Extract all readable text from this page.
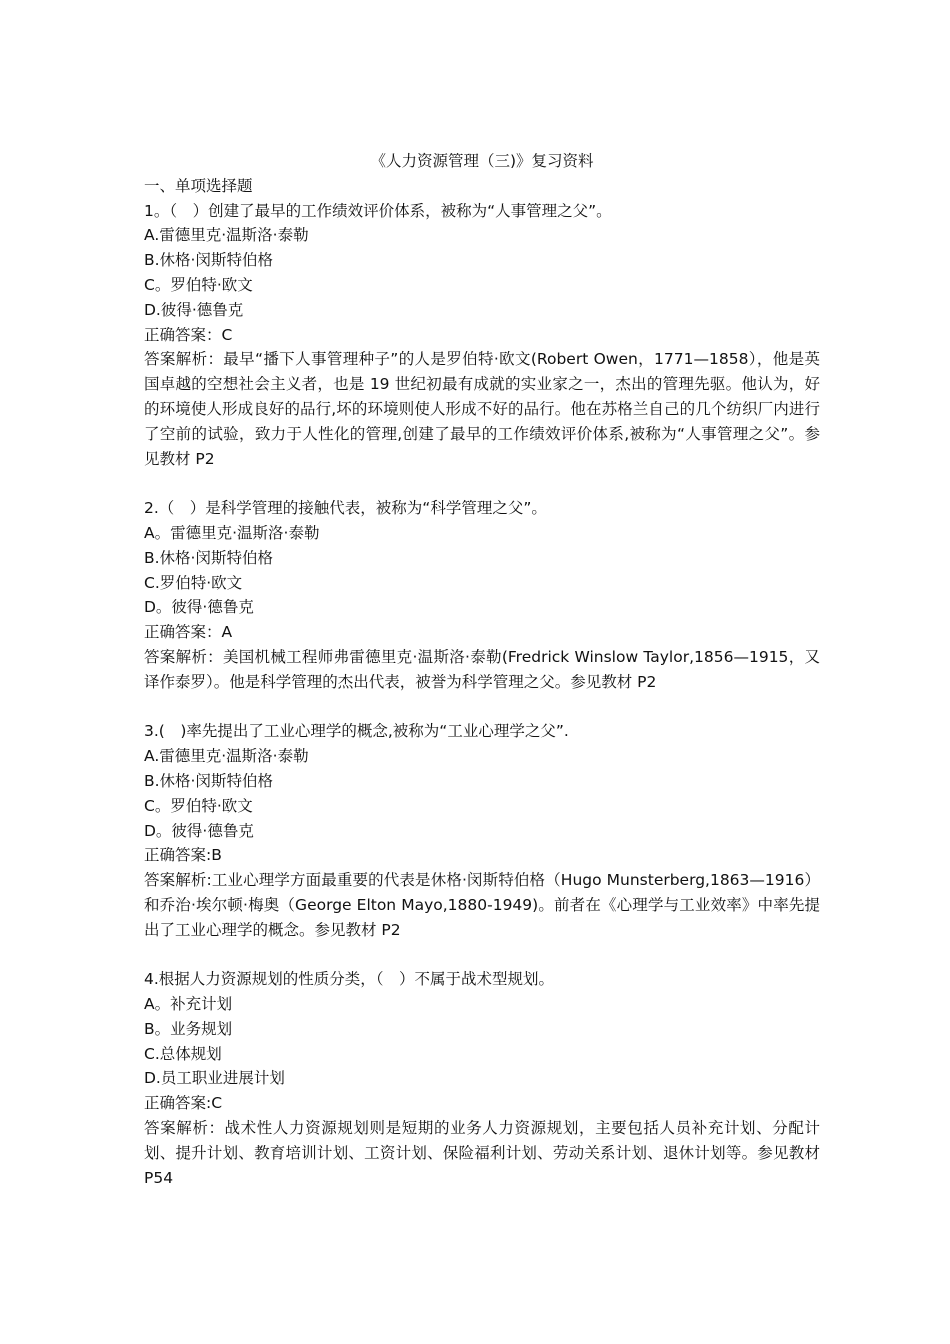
《人力资源管理（三)》复习资料
一、单项选择题

1。（　）创建了最早的工作绩效评价体系，被称为“人事管理之父”。

A.雷德里克·温斯洛·泰勒
B.休格·闵斯特伯格
C。罗伯特·欧文
D.彼得·德鲁克

正确答案：C

答案解析：最早“播下人事管理种子”的人是罗伯特·欧文(Robert Owen，1771—1858），他是英国卓越的空想社会主义者，也是 19 世纪初最有成就的实业家之一，杰出的管理先驱。他认为，好的环境使人形成良好的品行,坏的环境则使人形成不好的品行。他在苏格兰自己的几个纺织厂内进行了空前的试验，致力于人性化的管理,创建了最早的工作绩效评价体系,被称为“人事管理之父”。参见教材 P2

2.（　）是科学管理的接触代表，被称为“科学管理之父”。

A。雷德里克·温斯洛·泰勒
B.休格·闵斯特伯格
C.罗伯特·欧文
D。彼得·德鲁克

正确答案：A

答案解析：美国机械工程师弗雷德里克·温斯洛·泰勒(Fredrick Winslow Taylor,1856—1915，又译作泰罗）。他是科学管理的杰出代表，被誉为科学管理之父。参见教材 P2

3.(　)率先提出了工业心理学的概念,被称为“工业心理学之父”.

A.雷德里克·温斯洛·泰勒
B.休格·闵斯特伯格
C。罗伯特·欧文
D。彼得·德鲁克

正确答案:B

答案解析:工业心理学方面最重要的代表是休格·闵斯特伯格（Hugo Munsterberg,1863—1916）和乔治·埃尔顿·梅奥（George Elton Mayo,1880-1949)。前者在《心理学与工业效率》中率先提出了工业心理学的概念。参见教材 P2

4.根据人力资源规划的性质分类，（　）不属于战术型规划。

A。补充计划
B。业务规划
C.总体规划
D.员工职业进展计划

正确答案:C

答案解析：战术性人力资源规划则是短期的业务人力资源规划，主要包括人员补充计划、分配计划、提升计划、教育培训计划、工资计划、保险福利计划、劳动关系计划、退休计划等。参见教材 P54
